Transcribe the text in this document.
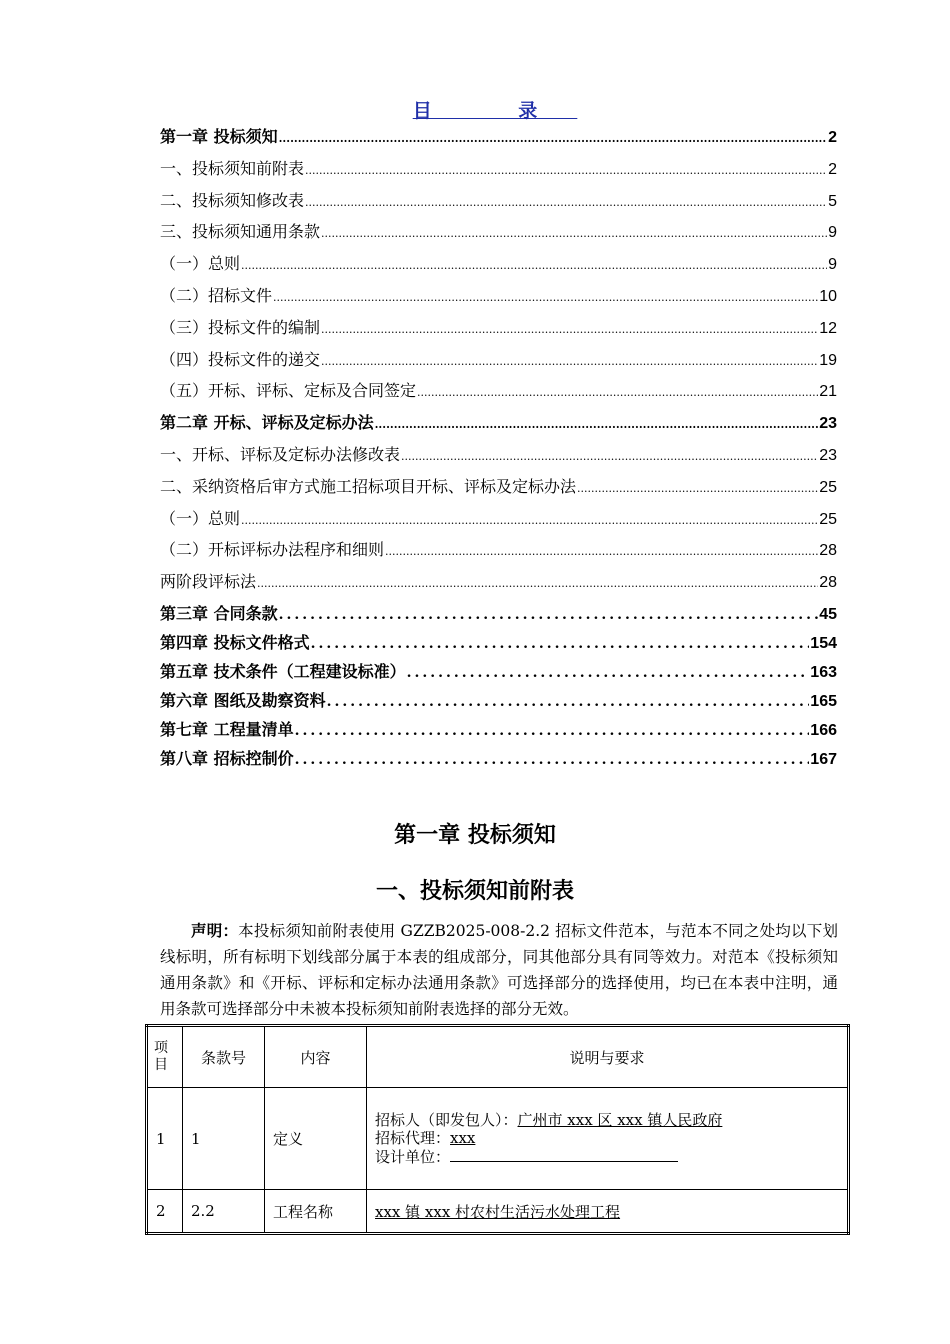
目 录
第一章 投标须知 .....	2
一、投标须知前附表 .....	2
二、投标须知修改表 .....	5
三、投标须知通用条款 .....	9
（一）总则 .....	9
（二）招标文件 .....	10
（三）投标文件的编制 .....	12
（四）投标文件的递交 .....	19
（五）开标、评标、定标及合同签定 .....	21
第二章 开标、评标及定标办法 .....	23
一、开标、评标及定标办法修改表 .....	23
二、采纳资格后审方式施工招标项目开标、评标及定标办法 .....	25
（一）总则 .....	25
（二）开标评标办法程序和细则 .....	28
两阶段评标法 .....	28
第三章 合同条款 .....	45
第四章 投标文件格式 .....	154
第五章 技术条件（工程建设标准） .....	163
第六章 图纸及勘察资料 .....	165
第七章 工程量清单 .....	166
第八章 招标控制价 .....	167
第一章 投标须知
一、投标须知前附表
声明：本投标须知前附表使用 GZZB2025-008-2.2 招标文件范本，与范本不同之处均以下划线标明，所有标明下划线部分属于本表的组成部分，同其他部分具有同等效力。对范本《投标须知通用条款》和《开标、评标和定标办法通用条款》可选择部分的选择使用，均已在本表中注明，通用条款可选择部分中未被本投标须知前附表选择的部分无效。
项目	条款号	内容	说明与要求
1	1	定义	招标人（即发包人）：广州市 xxx 区 xxx 镇人民政府
招标代理：xxx
设计单位：

2	2.2	工程名称	xxx 镇 xxx 村农村生活污水处理工程
